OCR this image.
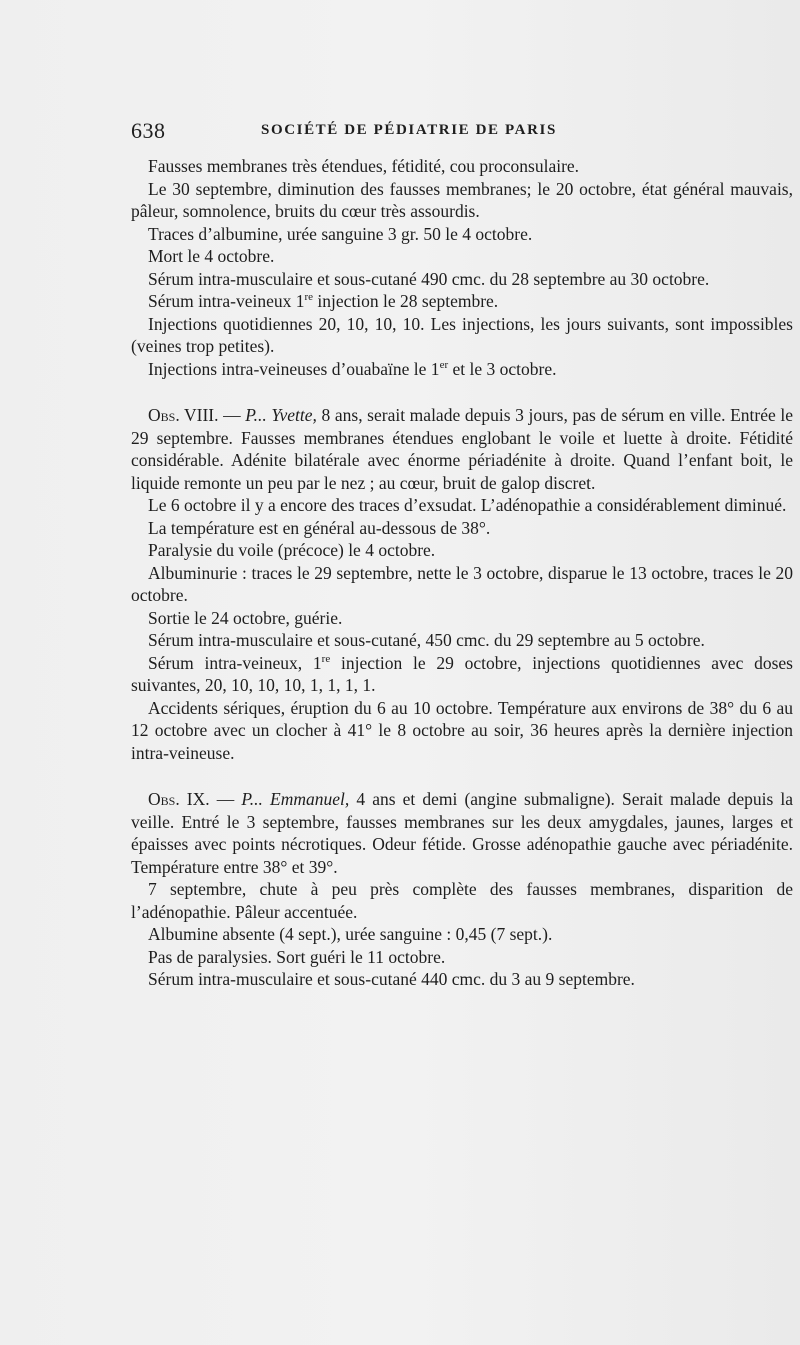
638	SOCIÉTÉ DE PÉDIATRIE DE PARIS

Fausses membranes très étendues, fétidité, cou proconsulaire.

Le 30 septembre, diminution des fausses membranes; le 20 octobre, état général mauvais, pâleur, somnolence, bruits du cœur très assourdis.

Traces d’albumine, urée sanguine 3 gr. 50 le 4 octobre.

Mort le 4 octobre.

Sérum intra-musculaire et sous-cutané 490 cmc. du 28 septembre au 30 octobre.

Sérum intra-veineux 1re injection le 28 septembre.

Injections quotidiennes 20, 10, 10, 10. Les injections, les jours suivants, sont impossibles (veines trop petites).

Injections intra-veineuses d’ouabaïne le 1er et le 3 octobre.

Obs. VIII. — P... Yvette, 8 ans, serait malade depuis 3 jours, pas de sérum en ville. Entrée le 29 septembre. Fausses membranes étendues englobant le voile et luette à droite. Fétidité considérable. Adénite bilatérale avec énorme périadénite à droite. Quand l’enfant boit, le liquide remonte un peu par le nez ; au cœur, bruit de galop discret.

Le 6 octobre il y a encore des traces d’exsudat. L’adénopathie a considérablement diminué.

La température est en général au-dessous de 38°.

Paralysie du voile (précoce) le 4 octobre.

Albuminurie : traces le 29 septembre, nette le 3 octobre, disparue le 13 octobre, traces le 20 octobre.

Sortie le 24 octobre, guérie.

Sérum intra-musculaire et sous-cutané, 450 cmc. du 29 septembre au 5 octobre.

Sérum intra-veineux, 1re injection le 29 octobre, injections quotidiennes avec doses suivantes, 20, 10, 10, 10, 1, 1, 1, 1.

Accidents sériques, éruption du 6 au 10 octobre. Température aux environs de 38° du 6 au 12 octobre avec un clocher à 41° le 8 octobre au soir, 36 heures après la dernière injection intra-veineuse.

Obs. IX. — P... Emmanuel, 4 ans et demi (angine submaligne). Serait malade depuis la veille. Entré le 3 septembre, fausses membranes sur les deux amygdales, jaunes, larges et épaisses avec points nécrotiques. Odeur fétide. Grosse adénopathie gauche avec périadénite. Température entre 38° et 39°.

7 septembre, chute à peu près complète des fausses membranes, disparition de l’adénopathie. Pâleur accentuée.

Albumine absente (4 sept.), urée sanguine : 0,45 (7 sept.).

Pas de paralysies. Sort guéri le 11 octobre.

Sérum intra-musculaire et sous-cutané 440 cmc. du 3 au 9 septembre.
